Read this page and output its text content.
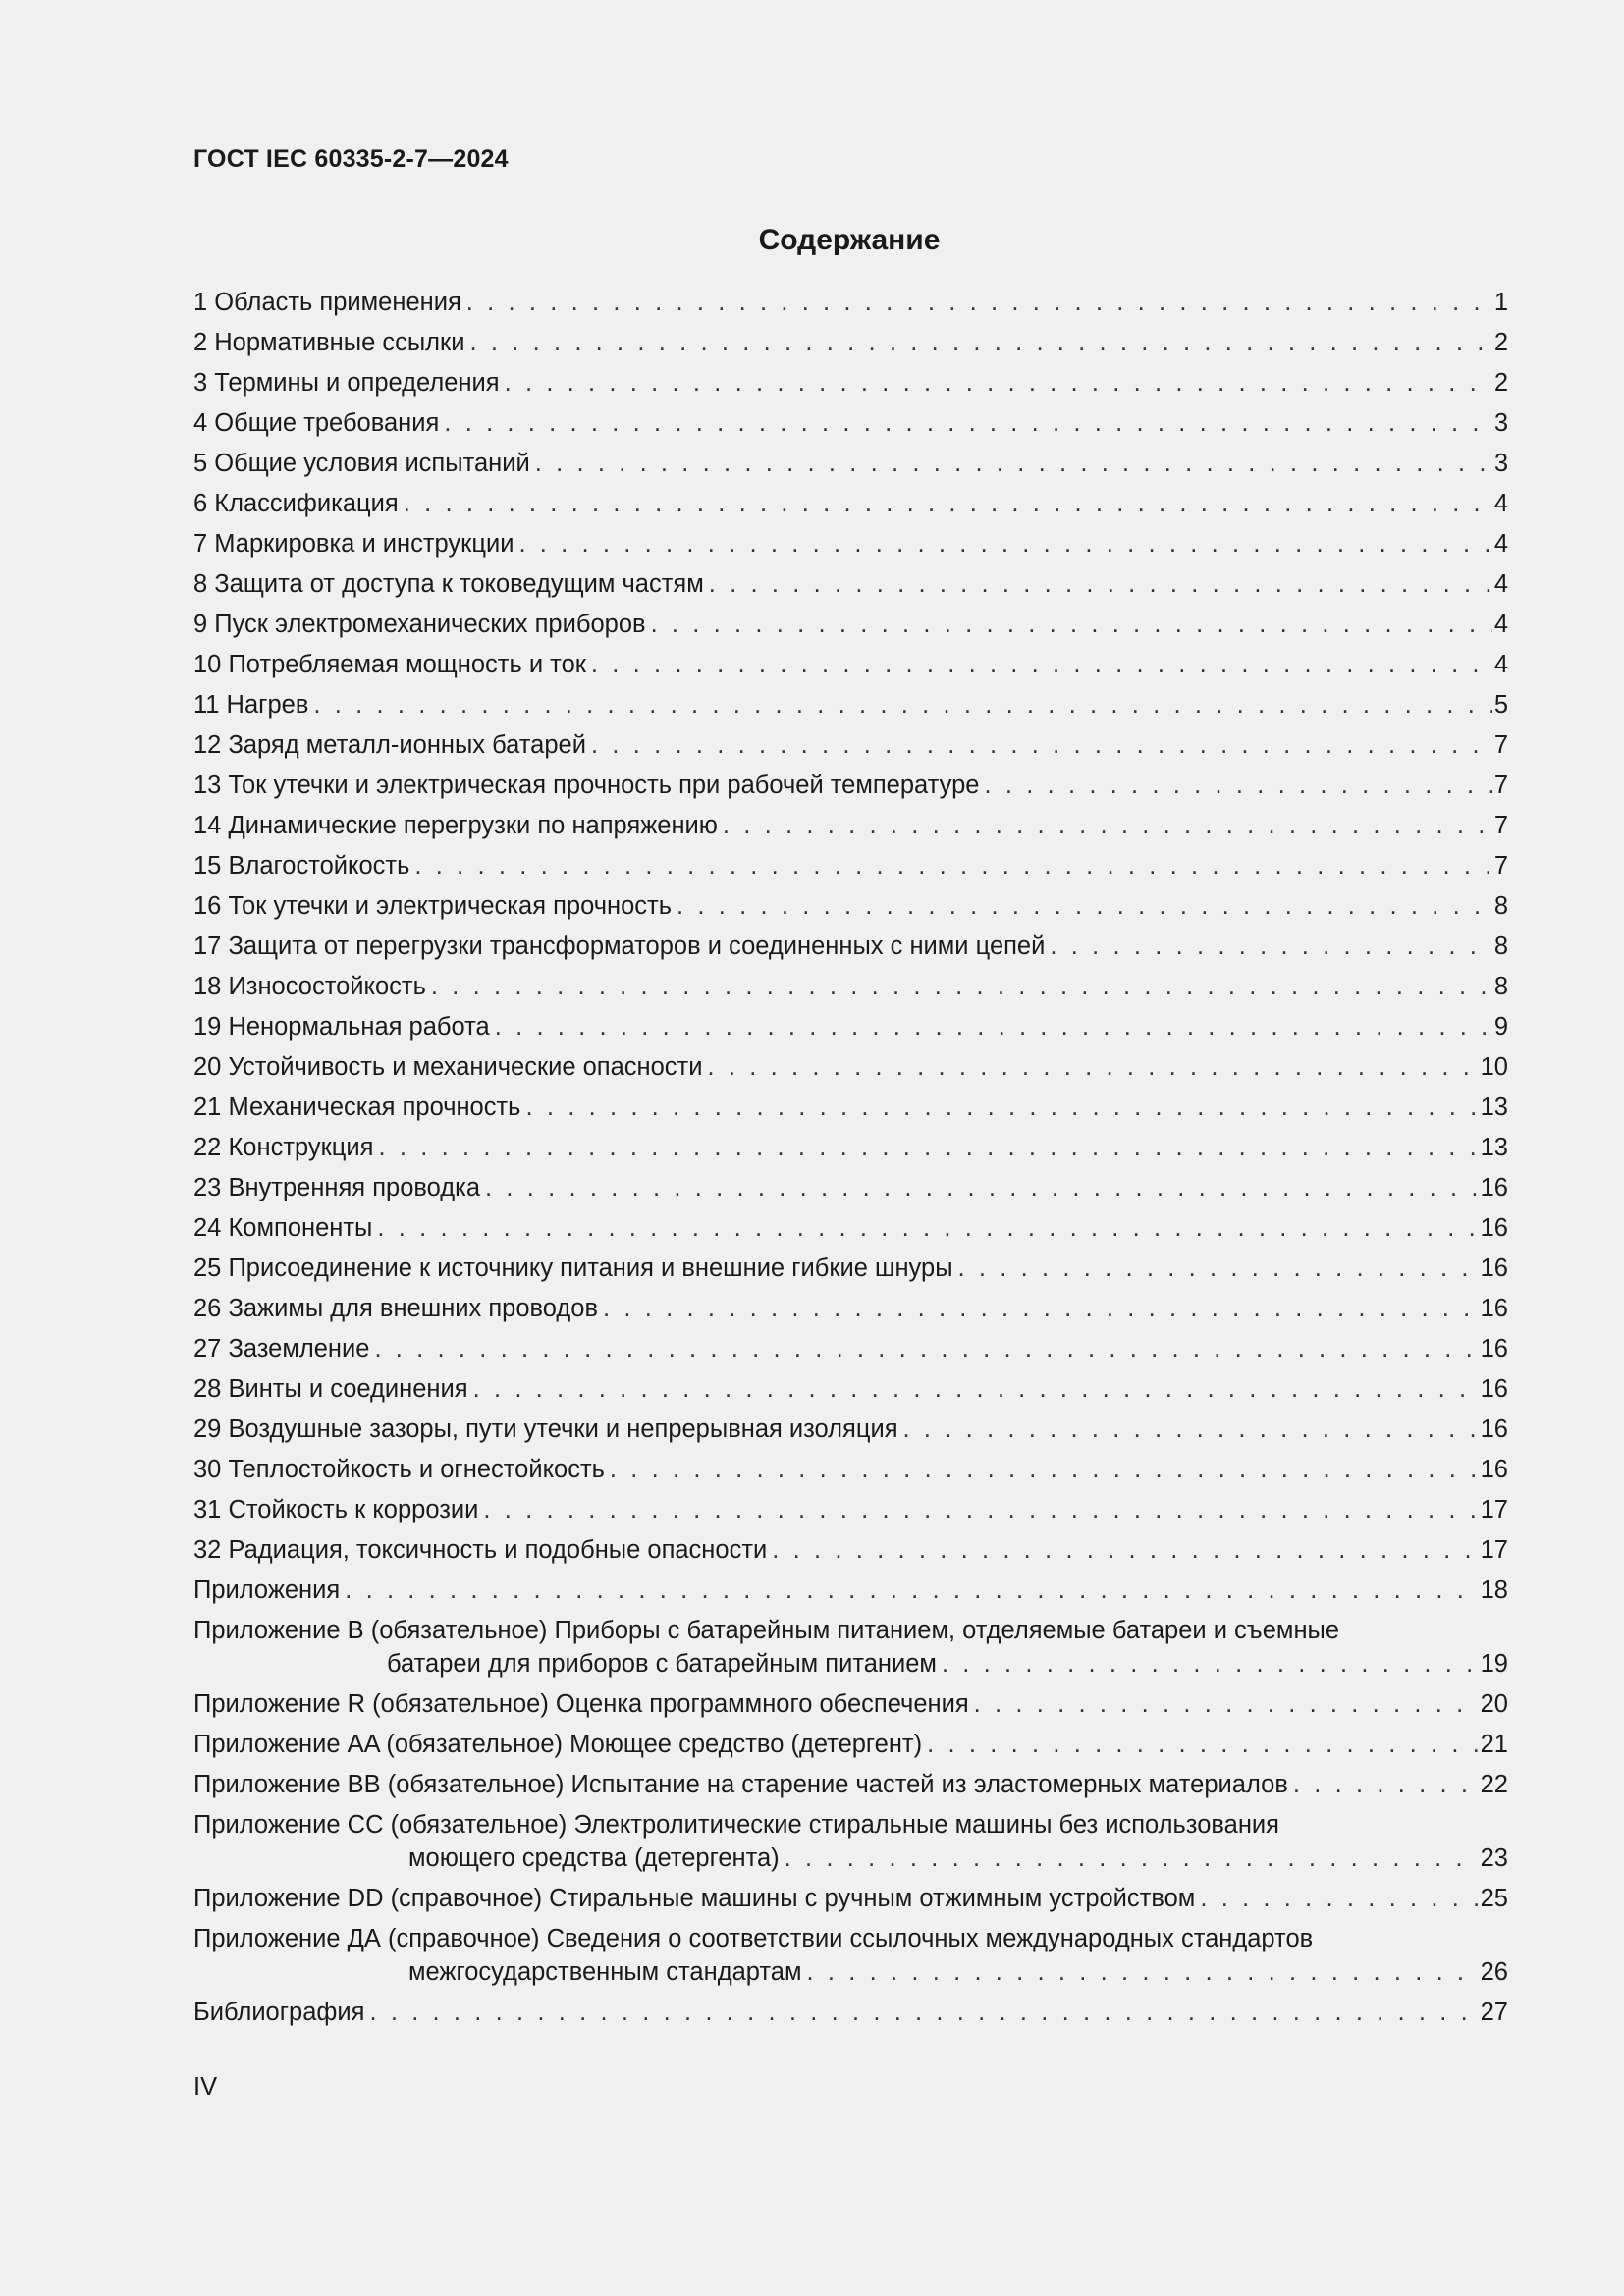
ГОСТ IEC 60335-2-7—2024
Содержание
1 Область применения . . .	1
2 Нормативные ссылки . . .	2
3 Термины и определения . . .	2
4 Общие требования . . .	3
5 Общие условия испытаний . . .	3
6 Классификация . . .	4
7 Маркировка и инструкции . . .	4
8 Защита от доступа к токоведущим частям . . .	4
9 Пуск электромеханических приборов . . .	4
10 Потребляемая мощность и ток . . .	4
11 Нагрев . . .	5
12 Заряд металл-ионных батарей . . .	7
13 Ток утечки и электрическая прочность при рабочей температуре . . .	7
14 Динамические перегрузки по напряжению . . .	7
15 Влагостойкость . . .	7
16 Ток утечки и электрическая прочность . . .	8
17 Защита от перегрузки трансформаторов и соединенных с ними цепей . . .	8
18 Износостойкость . . .	8
19 Ненормальная работа . . .	9
20 Устойчивость и механические опасности . . .	10
21 Механическая прочность . . .	13
22 Конструкция . . .	13
23 Внутренняя проводка . . .	16
24 Компоненты . . .	16
25 Присоединение к источнику питания и внешние гибкие шнуры . . .	16
26 Зажимы для внешних проводов . . .	16
27 Заземление . . .	16
28 Винты и соединения . . .	16
29 Воздушные зазоры, пути утечки и непрерывная изоляция . . .	16
30 Теплостойкость и огнестойкость . . .	16
31 Стойкость к коррозии . . .	17
32 Радиация, токсичность и подобные опасности . . .	17
Приложения . . .	18
Приложение B (обязательное) Приборы с батарейным питанием, отделяемые батареи и съемные
батареи для приборов с батарейным питанием . . .	19
Приложение R (обязательное) Оценка программного обеспечения . . .	20
Приложение AA (обязательное) Моющее средство (детергент) . . .	21
Приложение BB (обязательное) Испытание на старение частей из эластомерных материалов . . .	22
Приложение CC (обязательное) Электролитические стиральные машины без использования
моющего средства (детергента) . . .	23
Приложение DD (справочное) Стиральные машины с ручным отжимным устройством . . .	25
Приложение ДА (справочное) Сведения о соответствии ссылочных международных стандартов
межгосударственным стандартам . . .	26
Библиография . . .	27
IV
